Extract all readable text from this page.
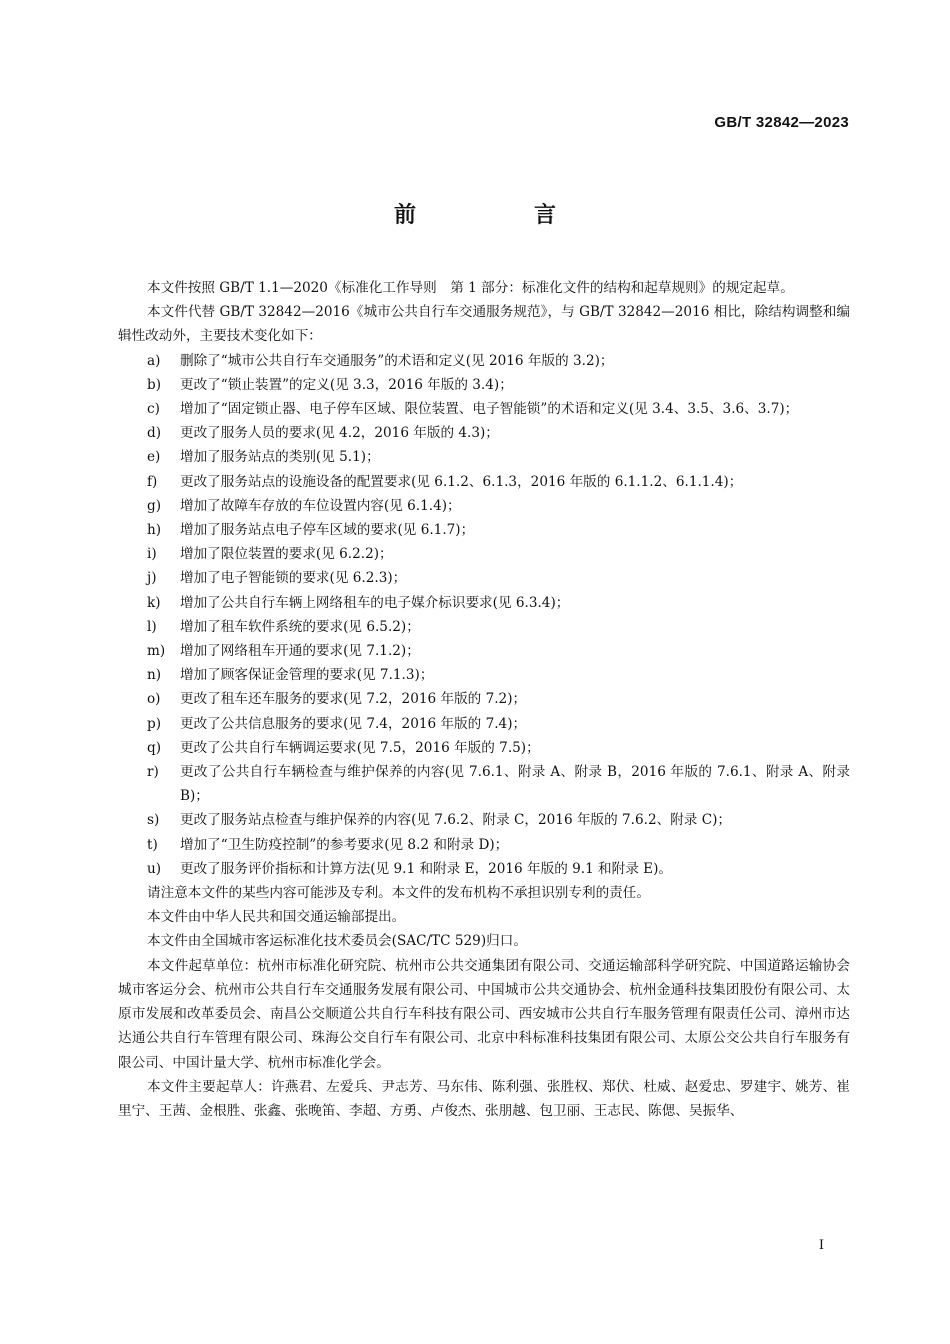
GB/T 32842—2023
前　言

本文件按照 GB/T 1.1—2020《标准化工作导则　第 1 部分：标准化文件的结构和起草规则》的规定起草。

本文件代替 GB/T 32842—2016《城市公共自行车交通服务规范》，与 GB/T 32842—2016 相比，除结构调整和编辑性改动外，主要技术变化如下：

a)	删除了“城市公共自行车交通服务”的术语和定义(见 2016 年版的 3.2)；
b)	更改了“锁止装置”的定义(见 3.3，2016 年版的 3.4)；
c)	增加了“固定锁止器、电子停车区域、限位装置、电子智能锁”的术语和定义(见 3.4、3.5、3.6、3.7)；
d)	更改了服务人员的要求(见 4.2，2016 年版的 4.3)；
e)	增加了服务站点的类别(见 5.1)；
f)	更改了服务站点的设施设备的配置要求(见 6.1.2、6.1.3，2016 年版的 6.1.1.2、6.1.1.4)；
g)	增加了故障车存放的车位设置内容(见 6.1.4)；
h)	增加了服务站点电子停车区域的要求(见 6.1.7)；
i)	增加了限位装置的要求(见 6.2.2)；
j)	增加了电子智能锁的要求(见 6.2.3)；
k)	增加了公共自行车辆上网络租车的电子媒介标识要求(见 6.3.4)；
l)	增加了租车软件系统的要求(见 6.5.2)；
m)	增加了网络租车开通的要求(见 7.1.2)；
n)	增加了顾客保证金管理的要求(见 7.1.3)；
o)	更改了租车还车服务的要求(见 7.2，2016 年版的 7.2)；
p)	更改了公共信息服务的要求(见 7.4，2016 年版的 7.4)；
q)	更改了公共自行车辆调运要求(见 7.5，2016 年版的 7.5)；
r)	更改了公共自行车辆检查与维护保养的内容(见 7.6.1、附录 A、附录 B，2016 年版的 7.6.1、附录 A、附录 B)；
s)	更改了服务站点检查与维护保养的内容(见 7.6.2、附录 C，2016 年版的 7.6.2、附录 C)；
t)	增加了“卫生防疫控制”的参考要求(见 8.2 和附录 D)；
u)	更改了服务评价指标和计算方法(见 9.1 和附录 E，2016 年版的 9.1 和附录 E)。

请注意本文件的某些内容可能涉及专利。本文件的发布机构不承担识别专利的责任。

本文件由中华人民共和国交通运输部提出。

本文件由全国城市客运标准化技术委员会(SAC/TC 529)归口。

本文件起草单位：杭州市标准化研究院、杭州市公共交通集团有限公司、交通运输部科学研究院、中国道路运输协会城市客运分会、杭州市公共自行车交通服务发展有限公司、中国城市公共交通协会、杭州金通科技集团股份有限公司、太原市发展和改革委员会、南昌公交顺道公共自行车科技有限公司、西安城市公共自行车服务管理有限责任公司、漳州市达达通公共自行车管理有限公司、珠海公交自行车有限公司、北京中科标准科技集团有限公司、太原公交公共自行车服务有限公司、中国计量大学、杭州市标准化学会。

本文件主要起草人：许燕君、左爱兵、尹志芳、马东伟、陈利强、张胜权、郑伏、杜威、赵爱忠、罗建宇、姚芳、崔里宁、王茜、金根胜、张鑫、张晚笛、李超、方勇、卢俊杰、张朋越、包卫丽、王志民、陈偲、吴振华、

I
